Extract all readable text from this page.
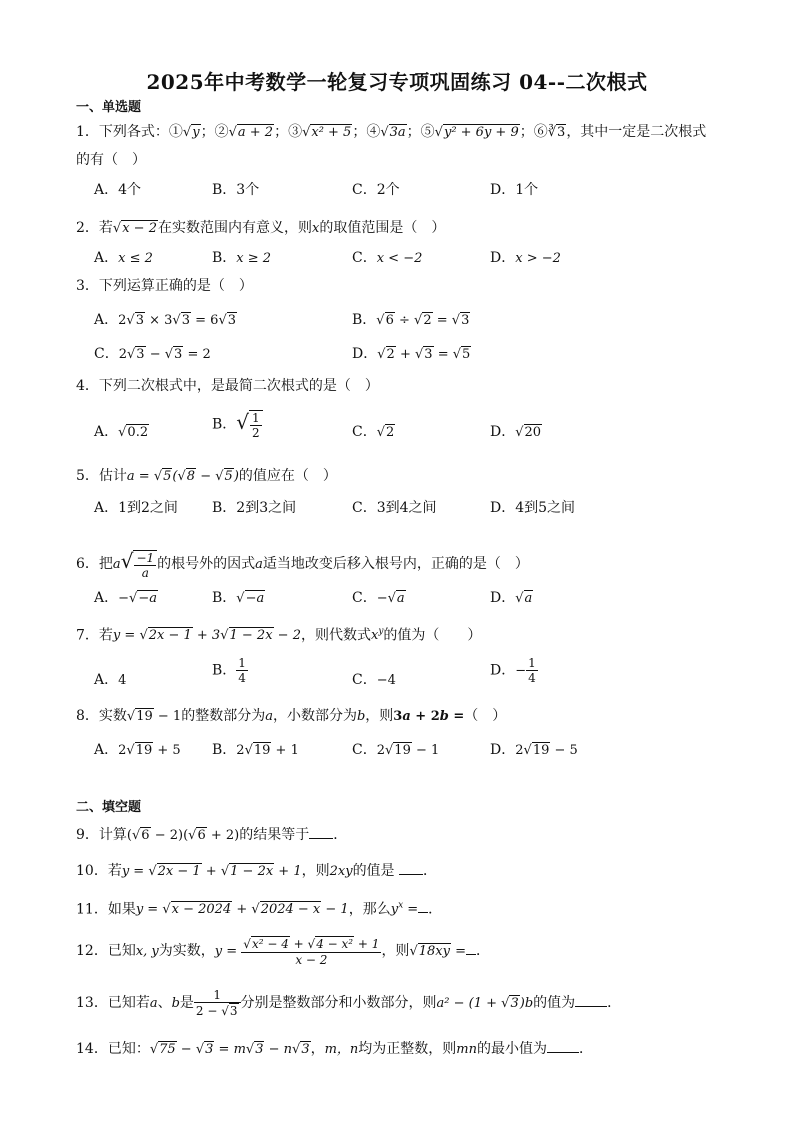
2025年中考数学一轮复习专项巩固练习 04--二次根式
一、单选题
1．下列各式：①√y；②√a + 2；③√x² + 5；④√3a；⑤√y² + 6y + 9；⑥∛3，其中一定是二次根式
的有（　）
A．4个	B．3个	C．2个	D．1个
2．若√x − 2在实数范围内有意义，则x的取值范围是（　）
A．x ≤ 2	B．x ≥ 2	C．x < −2	D．x > −2
3．下列运算正确的是（　）
A．2√3 × 3√3 = 6√3	B．√6 ÷ √2 = √3
C．2√3 − √3 = 2	D．√2 + √3 = √5
4．下列二次根式中，是最简二次根式的是（　）
A．√0.2	B．√ $\frac{1}{2}$	C．√2	D．√20
5．估计a = √5(√8 − √5)的值应在（　）
A．1到2之间 B．2到3之间	C．3到4之间	D．4到5之间
6．把$a√ \frac{-1}{a}$ 的根号外的因式a适当地改变后移入根号内，正确的是（　）
A．−√−a	B．√−a	C．−√a	D．√a
7．若y = √2x − 1 + 3√1 − 2x − 2，则代数式$x^y$的值为（　　）
A．4
B． $\frac{1}{4}$	C．−4
D．− $\frac{1}{4}$
8．实数√19 − 1的整数部分为a，小数部分为b，则3a + 2b =（　）
A．2√19 + 5 B．2√19 + 1	C．2√19 − 1	D．2√19 − 5
二、填空题
9．计算(√6 − 2)(√6 + 2)的结果等于 ．
10．若y = √2x − 1 + √1 − 2x + 1，则2xy的值是 ．
11．如果y = √x − 2024 + √2024 − x − 1，那么$y^x$ = ．
12．已知x, y为实数，$y = \frac{\text{√x² − 4 + √4 − x² + 1}}{x - 2}$ ，则√18xy = ．
13．已知若a、b是 $\frac{1}{2 - √3}$ 分别是整数部分和小数部分，则a² − (1 + √3)b的值为 ．
14．已知：√75 − √3 = m√3 − n√3，m，n均为正整数，则mn的最小值为 ．
